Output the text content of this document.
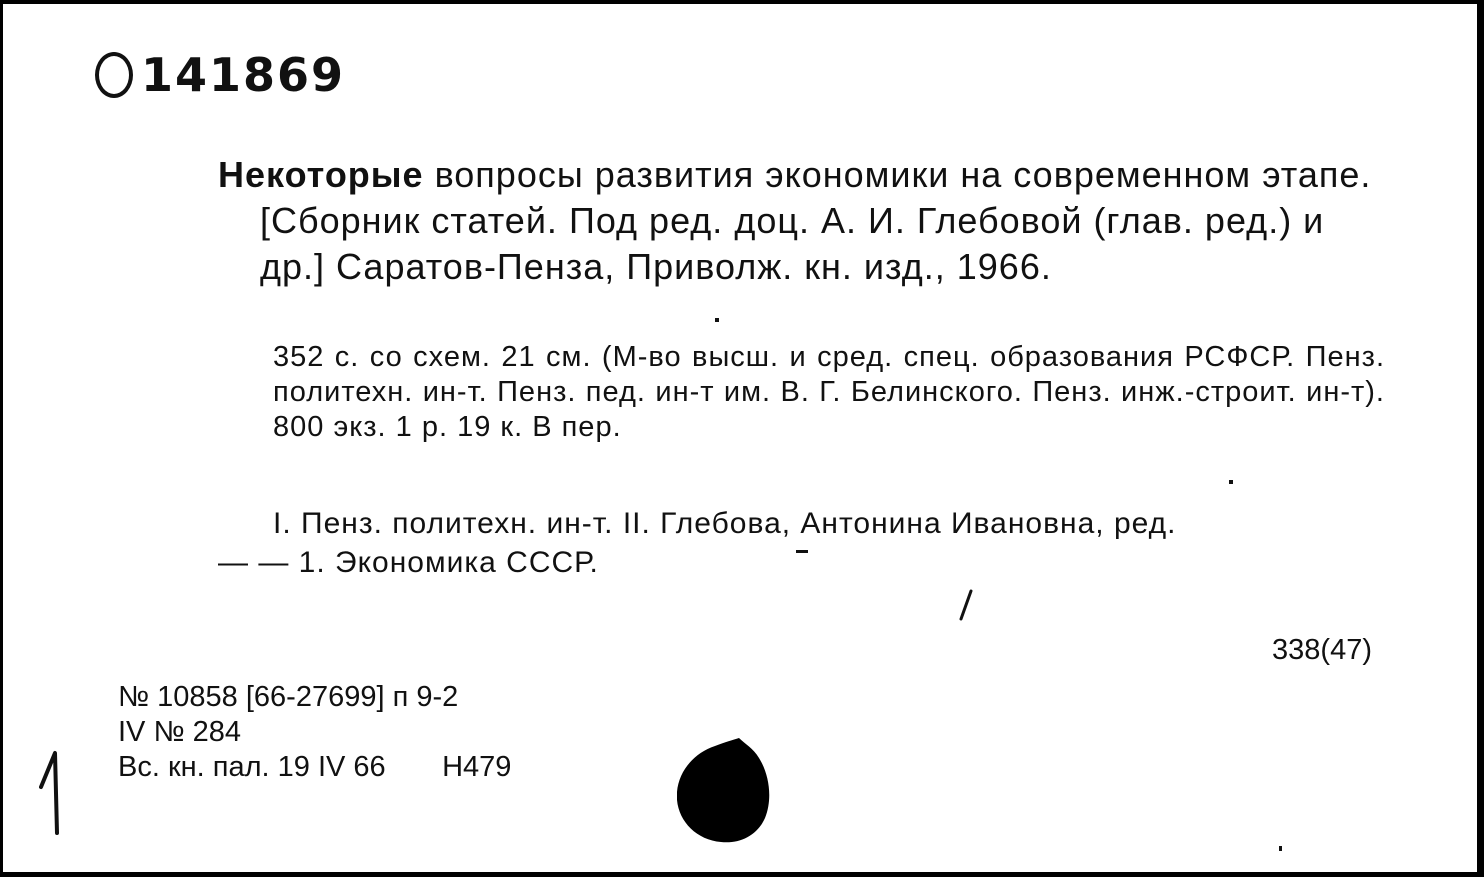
141869
Некоторые вопросы развития экономики на современном этапе. [Сборник статей. Под ред. доц. А. И. Глебовой (глав. ред.) и др.] Саратов-Пенза, Приволж. кн. изд., 1966.
352 с. со схем. 21 см. (М-во высш. и сред. спец. образования РСФСР. Пенз. политехн. ин-т. Пенз. пед. ин-т им. В. Г. Белинского. Пенз. инж.-строит. ин-т). 800 экз. 1 р. 19 к. В пер.
I. Пенз. политехн. ин-т. II. Глебова, Антонина Ивановна, ред.
— — 1. Экономика СССР.
338(47)
№ 10858 [66-27699] п 9-2
IV № 284
Вс. кн. пал. 19 IV 66 Н479
